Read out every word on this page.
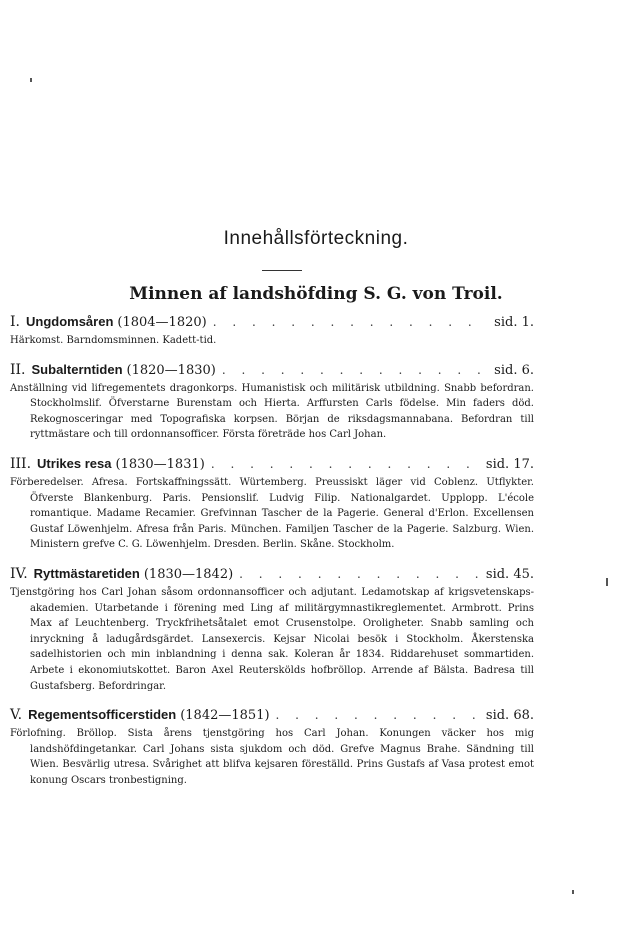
Innehållsförteckning.
Minnen af landshöfding S. G. von Troil.
I. Ungdomsåren (1804—1820) . . .	sid. 1.
Härkomst. Barndomsminnen. Kadett-tid.
II. Subalterntiden (1820—1830) . . .	sid. 6.
Anställning vid lifregementets dragonkorps. Humanistisk och militärisk utbildning. Snabb befordran. Stockholmslif. Öfverstarne Burenstam och Hierta. Arffursten Carls födelse. Min faders död. Rekognosceringar med Topografiska korpsen. Början de riksdagsmannabana. Befordran till ryttmästare och till ordonnansofficer. Första företräde hos Carl Johan.
III. Utrikes resa (1830—1831) . . .	sid. 17.
Förberedelser. Afresa. Fortskaffningssätt. Würtemberg. Preussiskt läger vid Coblenz. Utflykter. Öfverste Blankenburg. Paris. Pensionslif. Ludvig Filip. Nationalgardet. Upplopp. L'école romantique. Madame Recamier. Grefvinnan Tascher de la Pagerie. General d'Erlon. Excellensen Gustaf Löwenhjelm. Afresa från Paris. München. Familjen Tascher de la Pagerie. Salzburg. Wien. Ministern grefve C. G. Löwenhjelm. Dresden. Berlin. Skåne. Stockholm.
IV. Ryttmästaretiden (1830—1842) . . .	sid. 45.
Tjenstgöring hos Carl Johan såsom ordonnansofficer och adjutant. Ledamotskap af krigsvetenskaps-akademien. Utarbetande i förening med Ling af militärgymnastikreglementet. Armbrott. Prins Max af Leuchtenberg. Tryckfrihetsåtalet emot Crusenstolpe. Oroligheter. Snabb samling och inryckning å ladugårdsgärdet. Lansexercis. Kejsar Nicolai besök i Stockholm. Åkerstenska sadelhistorien och min inblandning i denna sak. Koleran år 1834. Riddarehuset sommartiden. Arbete i ekonomiutskottet. Baron Axel Reuterskölds hofbröllop. Arrende af Bälsta. Badresa till Gustafsberg. Befordringar.
V. Regementsofficerstiden (1842—1851) . . .	sid. 68.
Förlofning. Bröllop. Sista årens tjenstgöring hos Carl Johan. Konungen väcker hos mig landshöfdingetankar. Carl Johans sista sjukdom och död. Grefve Magnus Brahe. Sändning till Wien. Besvärlig utresa. Svårighet att blifva kejsaren föreställd. Prins Gustafs af Vasa protest emot konung Oscars tronbestigning.
